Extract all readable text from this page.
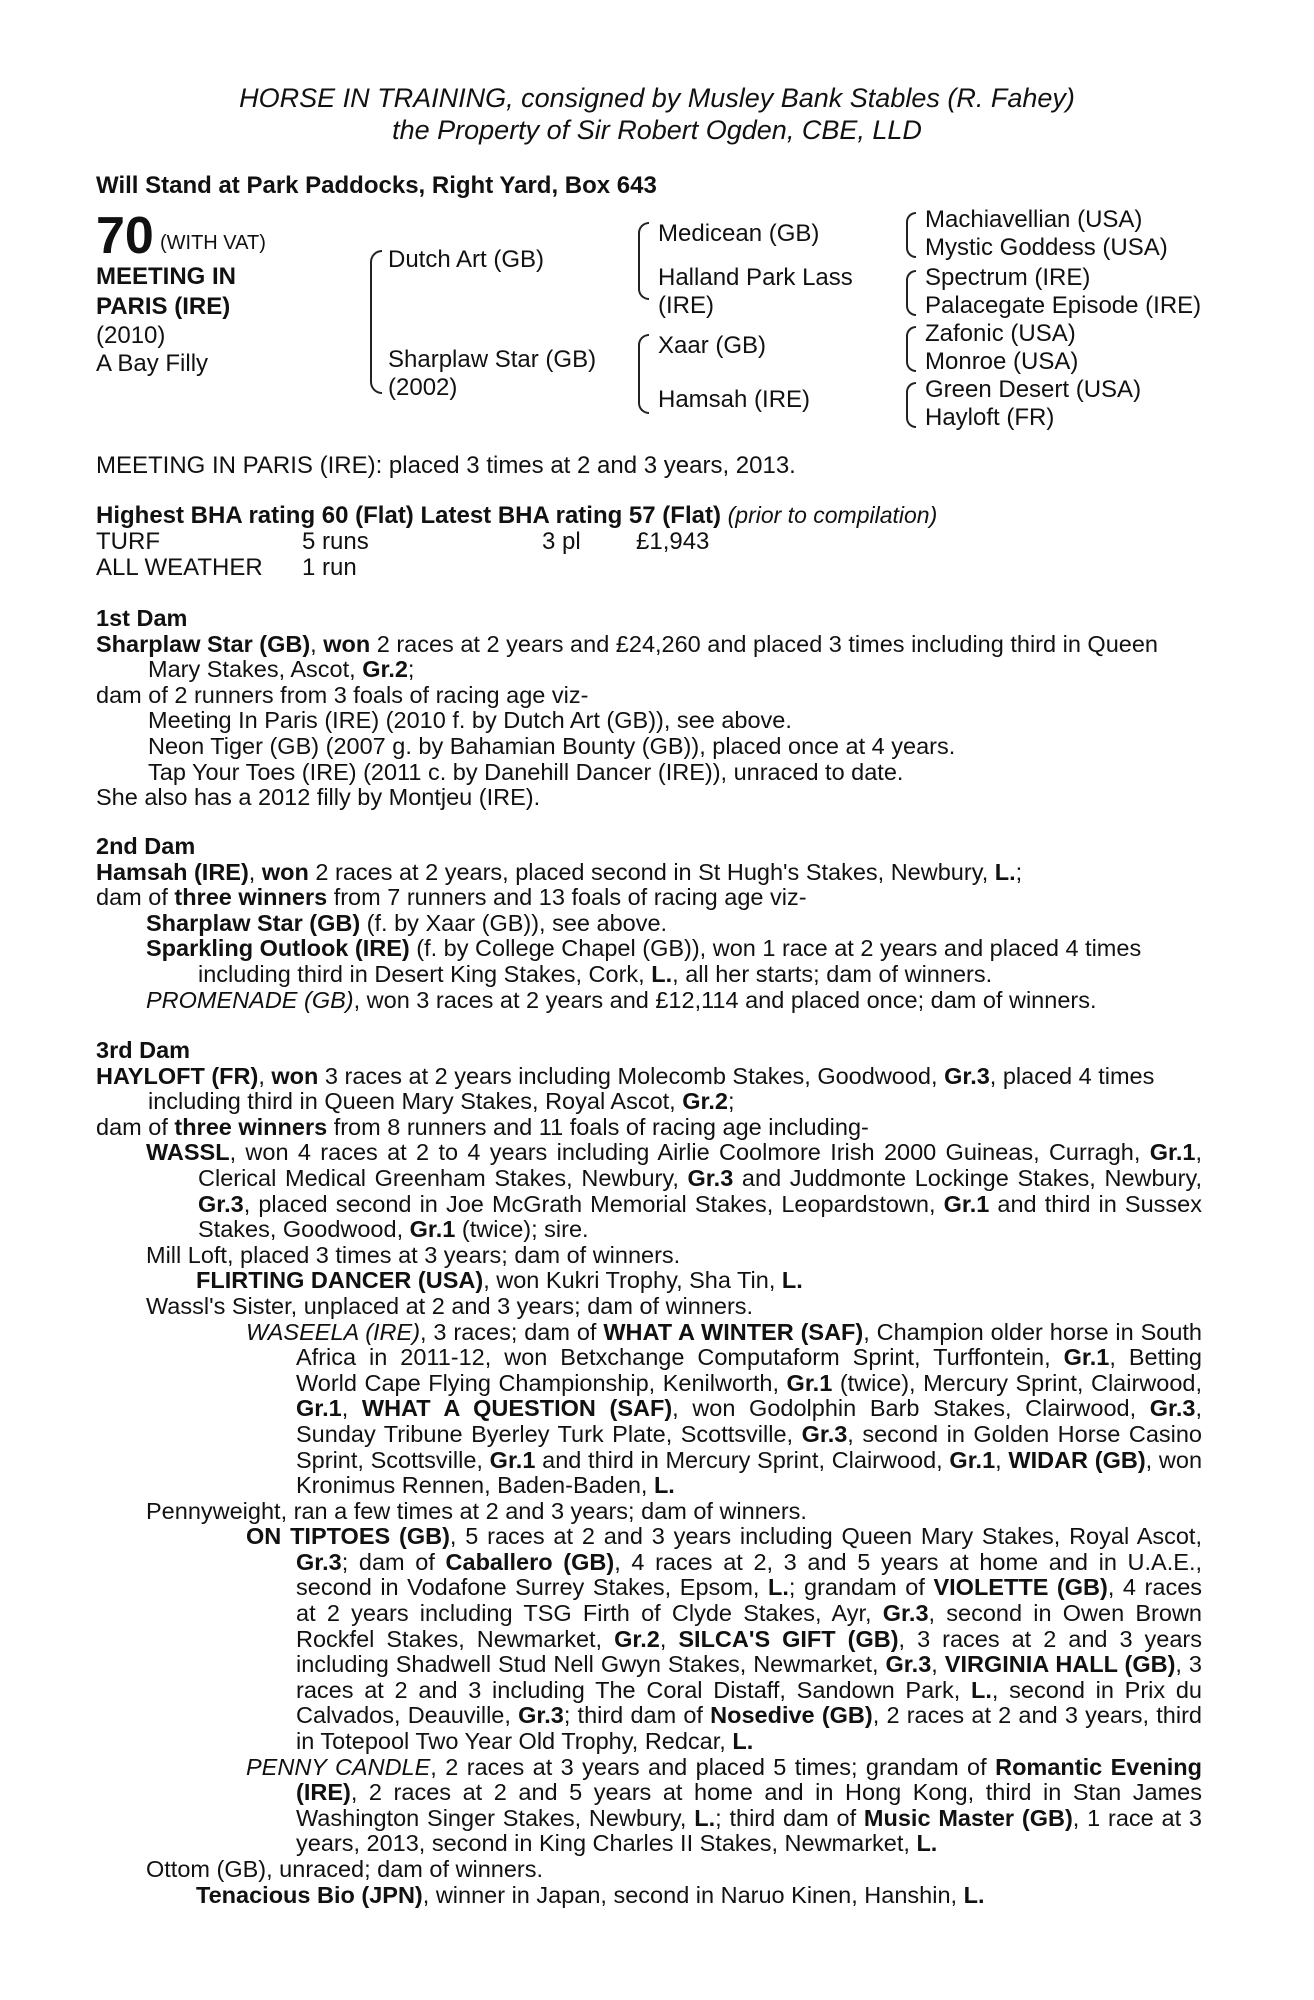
HORSE IN TRAINING, consigned by Musley Bank Stables (R. Fahey)
the Property of Sir Robert Ogden, CBE, LLD
Will Stand at Park Paddocks, Right Yard, Box 643
70 (WITH VAT)
MEETING IN
PARIS (IRE)
(2010)
A Bay Filly
Dutch Art (GB)
Sharplaw Star (GB)
(2002)
Medicean (GB)
Halland Park Lass
(IRE)
Xaar (GB)
Hamsah (IRE)
Machiavellian (USA)
Mystic Goddess (USA)
Spectrum (IRE)
Palacegate Episode (IRE)
Zafonic (USA)
Monroe (USA)
Green Desert (USA)
Hayloft (FR)
MEETING IN PARIS (IRE): placed 3 times at 2 and 3 years, 2013.
Highest BHA rating 60 (Flat) Latest BHA rating 57 (Flat) (prior to compilation)
TURF	5 runs	3 pl £1,943
ALL WEATHER 1 run

1st Dam

Sharplaw Star (GB), won 2 races at 2 years and £24,260 and placed 3 times including third in Queen Mary Stakes, Ascot, Gr.2;

dam of 2 runners from 3 foals of racing age viz-

Meeting In Paris (IRE) (2010 f. by Dutch Art (GB)), see above.

Neon Tiger (GB) (2007 g. by Bahamian Bounty (GB)), placed once at 4 years.

Tap Your Toes (IRE) (2011 c. by Danehill Dancer (IRE)), unraced to date.

She also has a 2012 filly by Montjeu (IRE).

2nd Dam

Hamsah (IRE), won 2 races at 2 years, placed second in St Hugh's Stakes, Newbury, L.;

dam of three winners from 7 runners and 13 foals of racing age viz-

Sharplaw Star (GB) (f. by Xaar (GB)), see above.

Sparkling Outlook (IRE) (f. by College Chapel (GB)), won 1 race at 2 years and placed 4 times including third in Desert King Stakes, Cork, L., all her starts; dam of winners.

PROMENADE (GB), won 3 races at 2 years and £12,114 and placed once; dam of winners.

3rd Dam

HAYLOFT (FR), won 3 races at 2 years including Molecomb Stakes, Goodwood, Gr.3, placed 4 times including third in Queen Mary Stakes, Royal Ascot, Gr.2;

dam of three winners from 8 runners and 11 foals of racing age including-

WASSL, won 4 races at 2 to 4 years including Airlie Coolmore Irish 2000 Guineas, Curragh, Gr.1, Clerical Medical Greenham Stakes, Newbury, Gr.3 and Juddmonte Lockinge Stakes, Newbury, Gr.3, placed second in Joe McGrath Memorial Stakes, Leopardstown, Gr.1 and third in Sussex Stakes, Goodwood, Gr.1 (twice); sire.

Mill Loft, placed 3 times at 3 years; dam of winners.

FLIRTING DANCER (USA), won Kukri Trophy, Sha Tin, L.

Wassl's Sister, unplaced at 2 and 3 years; dam of winners.

WASEELA (IRE), 3 races; dam of WHAT A WINTER (SAF), Champion older horse in South Africa in 2011-12, won Betxchange Computaform Sprint, Turffontein, Gr.1, Betting World Cape Flying Championship, Kenilworth, Gr.1 (twice), Mercury Sprint, Clairwood, Gr.1, WHAT A QUESTION (SAF), won Godolphin Barb Stakes, Clairwood, Gr.3, Sunday Tribune Byerley Turk Plate, Scottsville, Gr.3, second in Golden Horse Casino Sprint, Scottsville, Gr.1 and third in Mercury Sprint, Clairwood, Gr.1, WIDAR (GB), won Kronimus Rennen, Baden-Baden, L.

Pennyweight, ran a few times at 2 and 3 years; dam of winners.

ON TIPTOES (GB), 5 races at 2 and 3 years including Queen Mary Stakes, Royal Ascot, Gr.3; dam of Caballero (GB), 4 races at 2, 3 and 5 years at home and in U.A.E., second in Vodafone Surrey Stakes, Epsom, L.; grandam of VIOLETTE (GB), 4 races at 2 years including TSG Firth of Clyde Stakes, Ayr, Gr.3, second in Owen Brown Rockfel Stakes, Newmarket, Gr.2, SILCA'S GIFT (GB), 3 races at 2 and 3 years including Shadwell Stud Nell Gwyn Stakes, Newmarket, Gr.3, VIRGINIA HALL (GB), 3 races at 2 and 3 including The Coral Distaff, Sandown Park, L., second in Prix du Calvados, Deauville, Gr.3; third dam of Nosedive (GB), 2 races at 2 and 3 years, third in Totepool Two Year Old Trophy, Redcar, L.

PENNY CANDLE, 2 races at 3 years and placed 5 times; grandam of Romantic Evening (IRE), 2 races at 2 and 5 years at home and in Hong Kong, third in Stan James Washington Singer Stakes, Newbury, L.; third dam of Music Master (GB), 1 race at 3 years, 2013, second in King Charles II Stakes, Newmarket, L.

Ottom (GB), unraced; dam of winners.

Tenacious Bio (JPN), winner in Japan, second in Naruo Kinen, Hanshin, L.
